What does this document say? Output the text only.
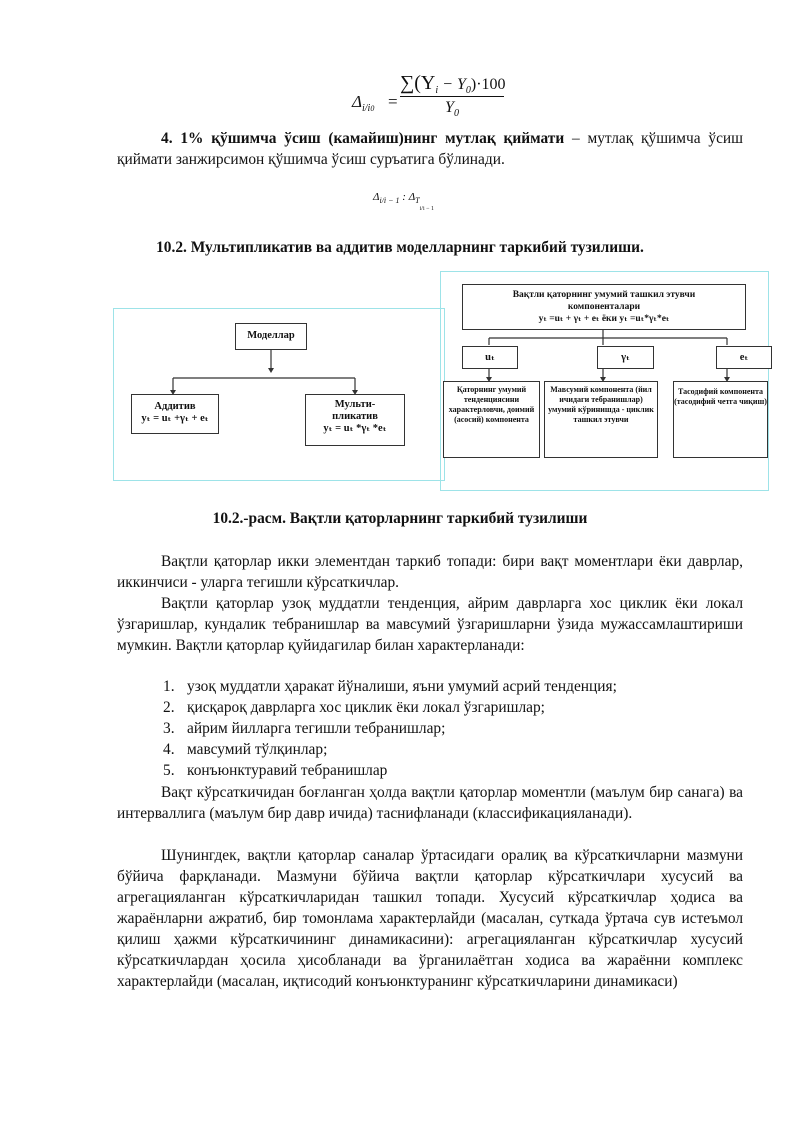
$\Delta_{i/i0}$ =
$\sum(Y_i - Y_0)\cdot 100$
$Y_0$
4. 1% қўшимча ўсиш (камайиш)нинг мутлақ қиймати – мутлақ қўшимча ўсиш қиймати занжирсимон қўшимча ўсиш суръатига бўлинади.
$\Delta_{i/i - 1}$ : $\Delta_{Ti/i - 1}$
10.2. Мультипликатив ва аддитив моделларнинг таркибий тузилиши.
Моделлар
Аддитив
yₜ = uₜ +γₜ + eₜ
Мульти-
пликатив
yₜ = uₜ *γₜ *eₜ
Вақтли қаторнинг умумий ташкил этувчи
компоненталари
yₜ =uₜ + γₜ + eₜ ёки yₜ =uₜ*γₜ*eₜ
uₜ	γₜ	eₜ
Қаторнинг умумий тенденциясини характерловчи, доимий (асосий) компонента
Мавсумий компонента (йил ичидаги тебранишлар) умумий кўринишда - циклик ташкил этувчи
Тасодифий компонента (тасодифий четга чиқиш)
10.2.-расм. Вақтли қаторларнинг таркибий тузилиши
Вақтли қаторлар икки элементдан таркиб топади: бири вақт моментлари ёки даврлар, иккинчиси - уларга тегишли кўрсаткичлар.
Вақтли қаторлар узоқ муддатли тенденция, айрим даврларга хос циклик ёки локал ўзгаришлар, кундалик тебранишлар ва мавсумий ўзгаришларни ўзида мужассамлаштириши мумкин. Вақтли қаторлар қуйидагилар билан характерланади:
1. узоқ муддатли ҳаракат йўналиши, яъни умумий асрий тенденция;
2. қисқароқ даврларга хос циклик ёки локал ўзгаришлар;
3. айрим йилларга тегишли тебранишлар;
4. мавсумий тўлқинлар;
5. конъюнктуравий тебранишлар
Вақт кўрсаткичидан боғланган ҳолда вақтли қаторлар моментли (маълум бир санага) ва интерваллига (маълум бир давр ичида) таснифланади (классификацияланади).
Шунингдек, вақтли қаторлар саналар ўртасидаги оралиқ ва кўрсаткичларни мазмуни бўйича фарқланади. Мазмуни бўйича вақтли қаторлар кўрсаткичлари хусусий ва агрегацияланган кўрсаткичларидан ташкил топади. Хусусий кўрсаткичлар ҳодиса ва жараёнларни ажратиб, бир томонлама характерлайди (масалан, суткада ўртача сув истеъмол қилиш ҳажми кўрсаткичининг динамикасини): агрегацияланган кўрсаткичлар хусусий кўрсаткичлардан ҳосила ҳисобланади ва ўрганилаётган ходиса ва жараённи комплекс характерлайди (масалан, иқтисодий конъюнктуранинг кўрсаткичларини динамикаси)
